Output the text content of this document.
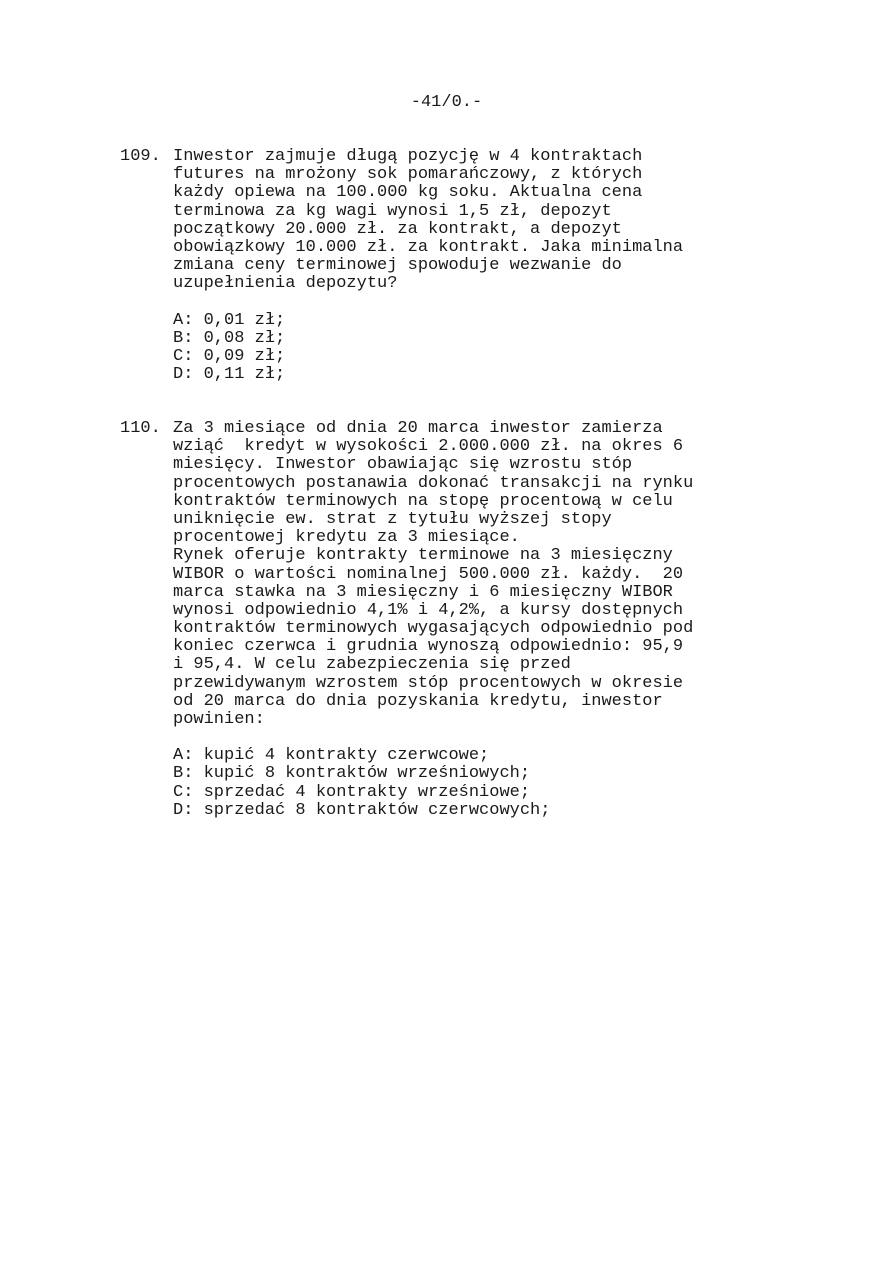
-41/0.-
109. Inwestor zajmuje długą pozycję w 4 kontraktach
futures na mrożony sok pomarańczowy, z których
każdy opiewa na 100.000 kg soku. Aktualna cena
terminowa za kg wagi wynosi 1,5 zł, depozyt
początkowy 20.000 zł. za kontrakt, a depozyt
obowiązkowy 10.000 zł. za kontrakt. Jaka minimalna
zmiana ceny terminowej spowoduje wezwanie do
uzupełnienia depozytu?
A: 0,01 zł;
B: 0,08 zł;
C: 0,09 zł;
D: 0,11 zł;
110. Za 3 miesiące od dnia 20 marca inwestor zamierza
wziąć  kredyt w wysokości 2.000.000 zł. na okres 6
miesięcy. Inwestor obawiając się wzrostu stóp
procentowych postanawia dokonać transakcji na rynku
kontraktów terminowych na stopę procentową w celu
uniknięcie ew. strat z tytułu wyższej stopy
procentowej kredytu za 3 miesiące.
Rynek oferuje kontrakty terminowe na 3 miesięczny
WIBOR o wartości nominalnej 500.000 zł. każdy.  20
marca stawka na 3 miesięczny i 6 miesięczny WIBOR
wynosi odpowiednio 4,1% i 4,2%, a kursy dostępnych
kontraktów terminowych wygasających odpowiednio pod
koniec czerwca i grudnia wynoszą odpowiednio: 95,9
i 95,4. W celu zabezpieczenia się przed
przewidywanym wzrostem stóp procentowych w okresie
od 20 marca do dnia pozyskania kredytu, inwestor
powinien:
A: kupić 4 kontrakty czerwcowe;
B: kupić 8 kontraktów wrześniowych;
C: sprzedać 4 kontrakty wrześniowe;
D: sprzedać 8 kontraktów czerwcowych;
